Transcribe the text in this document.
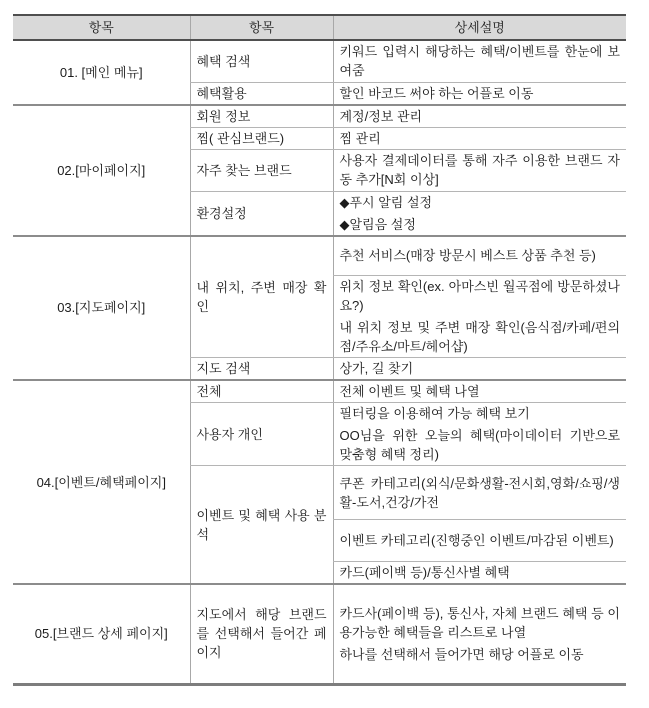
항목	항목	상세설명
01. [메인 메뉴]	혜택 검색	키워드 입력시 해당하는 혜택/이벤트를 한눈에 보여줌

	혜택활용	할인 바코드 써야 하는 어플로 이동

02.[마이페이지]	회원 정보	계정/정보 관리

	찜( 관심브랜드)	찜 관리

	자주 찾는 브랜드	사용자 결제데이터를 통해 자주 이용한 브랜드 자동 추가[N회 이상]

	환경설정	◆푸시 알림 설정
◆알림음 설정

03.[지도페이지]	내 위치, 주변 매장 확인	추천 서비스(매장 방문시 베스트 상품 추천 등)

		위치 정보 확인(ex. 아마스빈 월곡점에 방문하셨나요?)
내 위치 정보 및 주변 매장 확인(음식점/카페/편의점/주유소/마트/헤어샵)

	지도 검색	상가, 길 찾기

04.[이벤트/혜택페이지]	전체	전체 이벤트 및 혜택 나열

	사용자 개인	필터링을 이용해여 가능 혜택 보기
OO님을 위한 오늘의 혜택(마이데이터 기반으로 맞춤형 혜택 정리)

	이벤트 및 혜택 사용 분석	쿠폰 카테고리(외식/문화생활-전시회,영화/쇼핑/생활-도서,건강/가전

		이벤트 카테고리(진행중인 이벤트/마감된 이벤트)

		카드(페이백 등)/통신사별 혜택

05.[브랜드 상세 페이지]	지도에서 해당 브랜드를 선택해서 들어간 페이지	카드사(페이백 등), 통신사, 자체 브랜드 혜택 등 이용가능한 혜택들을 리스트로 나열
하나를 선택해서 들어가면 해당 어플로 이동
